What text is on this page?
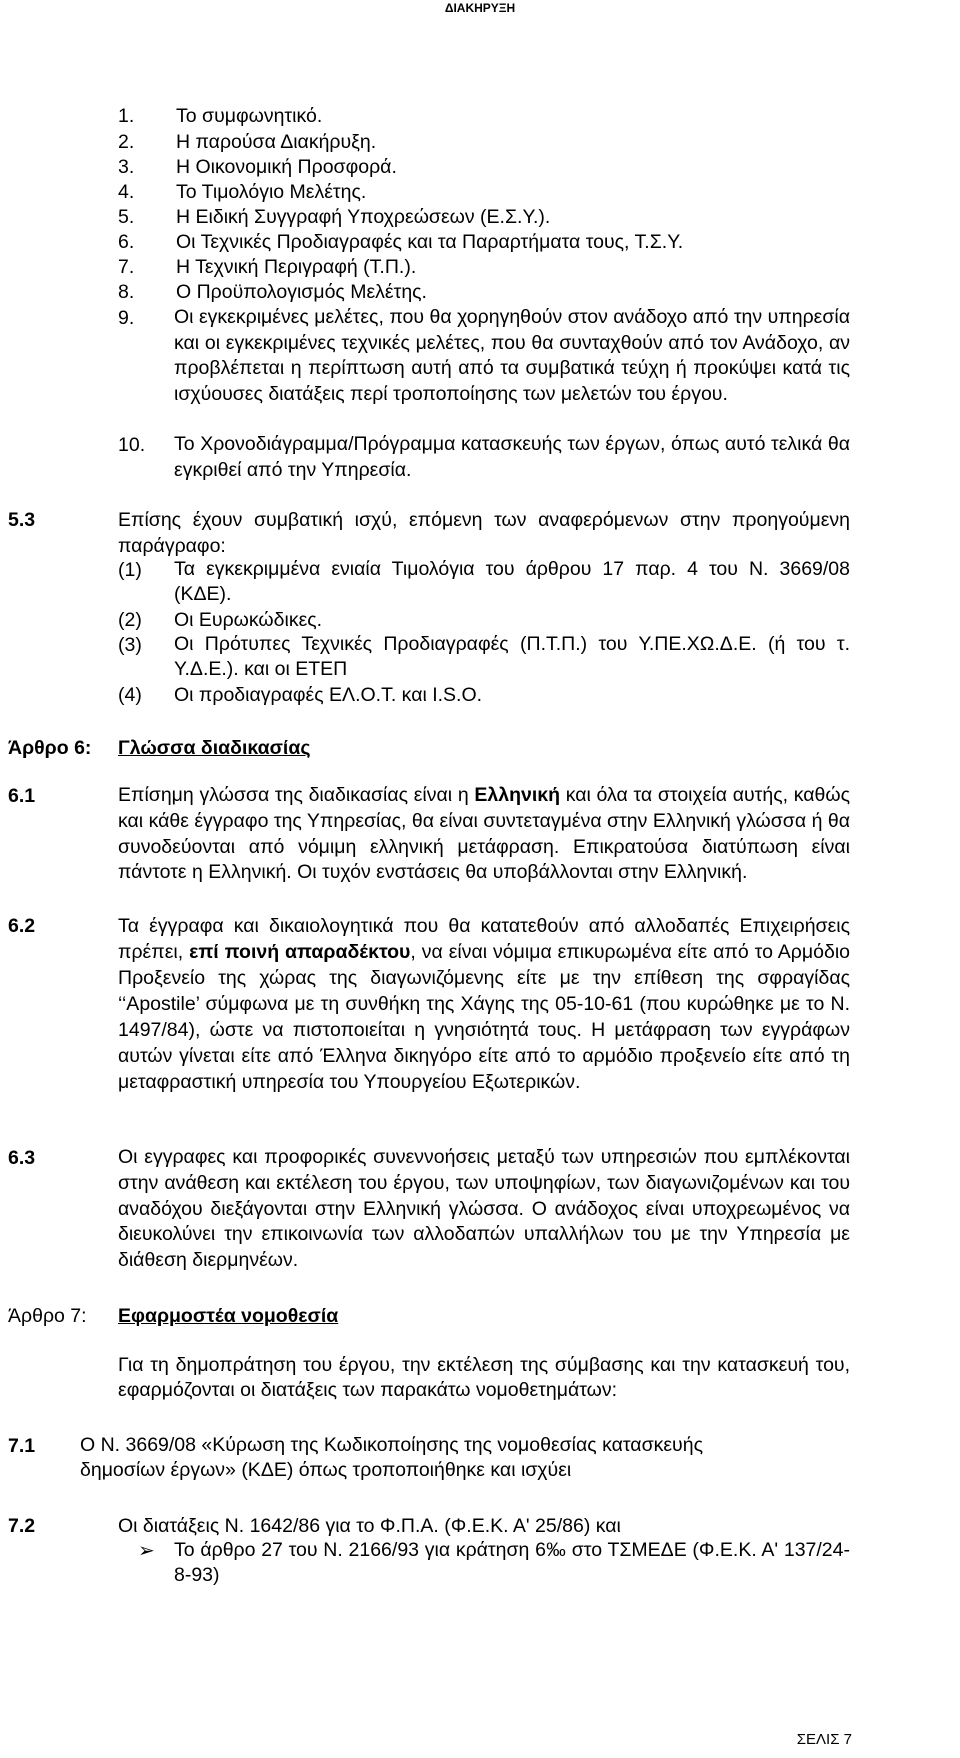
ΔΙΑΚΗΡΥΞΗ
1. Το συμφωνητικό.
2. Η παρούσα Διακήρυξη.
3. Η Οικονομική Προσφορά.
4. Το Τιμολόγιο Μελέτης.
5. Η Ειδική Συγγραφή Υποχρεώσεων (Ε.Σ.Υ.).
6. Οι Τεχνικές Προδιαγραφές και τα Παραρτήματα τους, Τ.Σ.Υ.
7. Η Τεχνική Περιγραφή (Τ.Π.).
8. Ο Προϋπολογισμός Μελέτης.
9. Οι εγκεκριμένες μελέτες, που θα χορηγηθούν στον ανάδοχο από την υπηρεσία και οι εγκεκριμένες τεχνικές μελέτες, που θα συνταχθούν από τον Ανάδοχο, αν προβλέπεται η περίπτωση αυτή από τα συμβατικά τεύχη ή προκύψει κατά τις ισχύουσες διατάξεις περί τροποποίησης των μελετών του έργου.
10. Το Χρονοδιάγραμμα/Πρόγραμμα κατασκευής των έργων, όπως αυτό τελικά θα εγκριθεί από την Υπηρεσία.
5.3	Επίσης έχουν συμβατική ισχύ, επόμενη των αναφερόμενων στην προηγούμενη παράγραφο:
(1) Τα εγκεκριμμένα ενιαία Τιμολόγια του άρθρου 17 παρ. 4 του Ν. 3669/08 (ΚΔΕ).
(2) Οι Ευρωκώδικες.
(3) Οι Πρότυπες Τεχνικές Προδιαγραφές (Π.Τ.Π.) του Υ.ΠΕ.ΧΩ.Δ.Ε. (ή του τ. Υ.Δ.Ε.). και οι ΕΤΕΠ
(4) Οι προδιαγραφές ΕΛ.Ο.Τ. και I.S.O.
Άρθρο 6: Γλώσσα διαδικασίας
6.1	Επίσημη γλώσσα της διαδικασίας είναι η Ελληνική και όλα τα στοιχεία αυτής, καθώς και κάθε έγγραφο της Υπηρεσίας, θα είναι συντεταγμένα στην Ελληνική γλώσσα ή θα συνοδεύονται από νόμιμη ελληνική μετάφραση. Επικρατούσα διατύπωση είναι πάντοτε η Ελληνική. Οι τυχόν ενστάσεις θα υποβάλλονται στην Ελληνική.
6.2	Τα έγγραφα και δικαιολογητικά που θα κατατεθούν από αλλοδαπές Επιχειρήσεις πρέπει, επί ποινή απαραδέκτου, να είναι νόμιμα επικυρωμένα είτε από το Αρμόδιο Προξενείο της χώρας της διαγωνιζόμενης είτε με την επίθεση της σφραγίδας ‘‘Apostile’ σύμφωνα με τη συνθήκη της Χάγης της 05-10-61 (που κυρώθηκε με το Ν. 1497/84), ώστε να πιστοποιείται η γνησιότητά τους. Η μετάφραση των εγγράφων αυτών γίνεται είτε από Έλληνα δικηγόρο είτε από το αρμόδιο προξενείο είτε από τη μεταφραστική υπηρεσία του Υπουργείου Εξωτερικών.
6.3	Οι εγγραφες και προφορικές συνεννοήσεις μεταξύ των υπηρεσιών που εμπλέκονται στην ανάθεση και εκτέλεση του έργου, των υποψηφίων, των διαγωνιζομένων και του αναδόχου διεξάγονται στην Ελληνική γλώσσα. Ο ανάδοχος είναι υποχρεωμένος να διευκολύνει την επικοινωνία των αλλοδαπών υπαλλήλων του με την Υπηρεσία με διάθεση διερμηνέων.
Άρθρο 7: Εφαρμοστέα νομοθεσία
Για τη δημοπράτηση του έργου, την εκτέλεση της σύμβασης και την κατασκευή του, εφαρμόζονται οι διατάξεις των παρακάτω νομοθετημάτων:
7.1 Ο Ν. 3669/08 «Κύρωση της Κωδικοποίησης της νομοθεσίας κατασκευής δημοσίων έργων» (ΚΔΕ) όπως τροποποιήθηκε και ισχύει
7.2	Οι διατάξεις Ν. 1642/86 για το Φ.Π.Α. (Φ.Ε.Κ. Α' 25/86) και
➢ Το άρθρο 27 του Ν. 2166/93 για κράτηση 6‰ στο ΤΣΜΕΔΕ (Φ.Ε.Κ. Α' 137/24-8-93)
ΣΕΛΙΣ 7
